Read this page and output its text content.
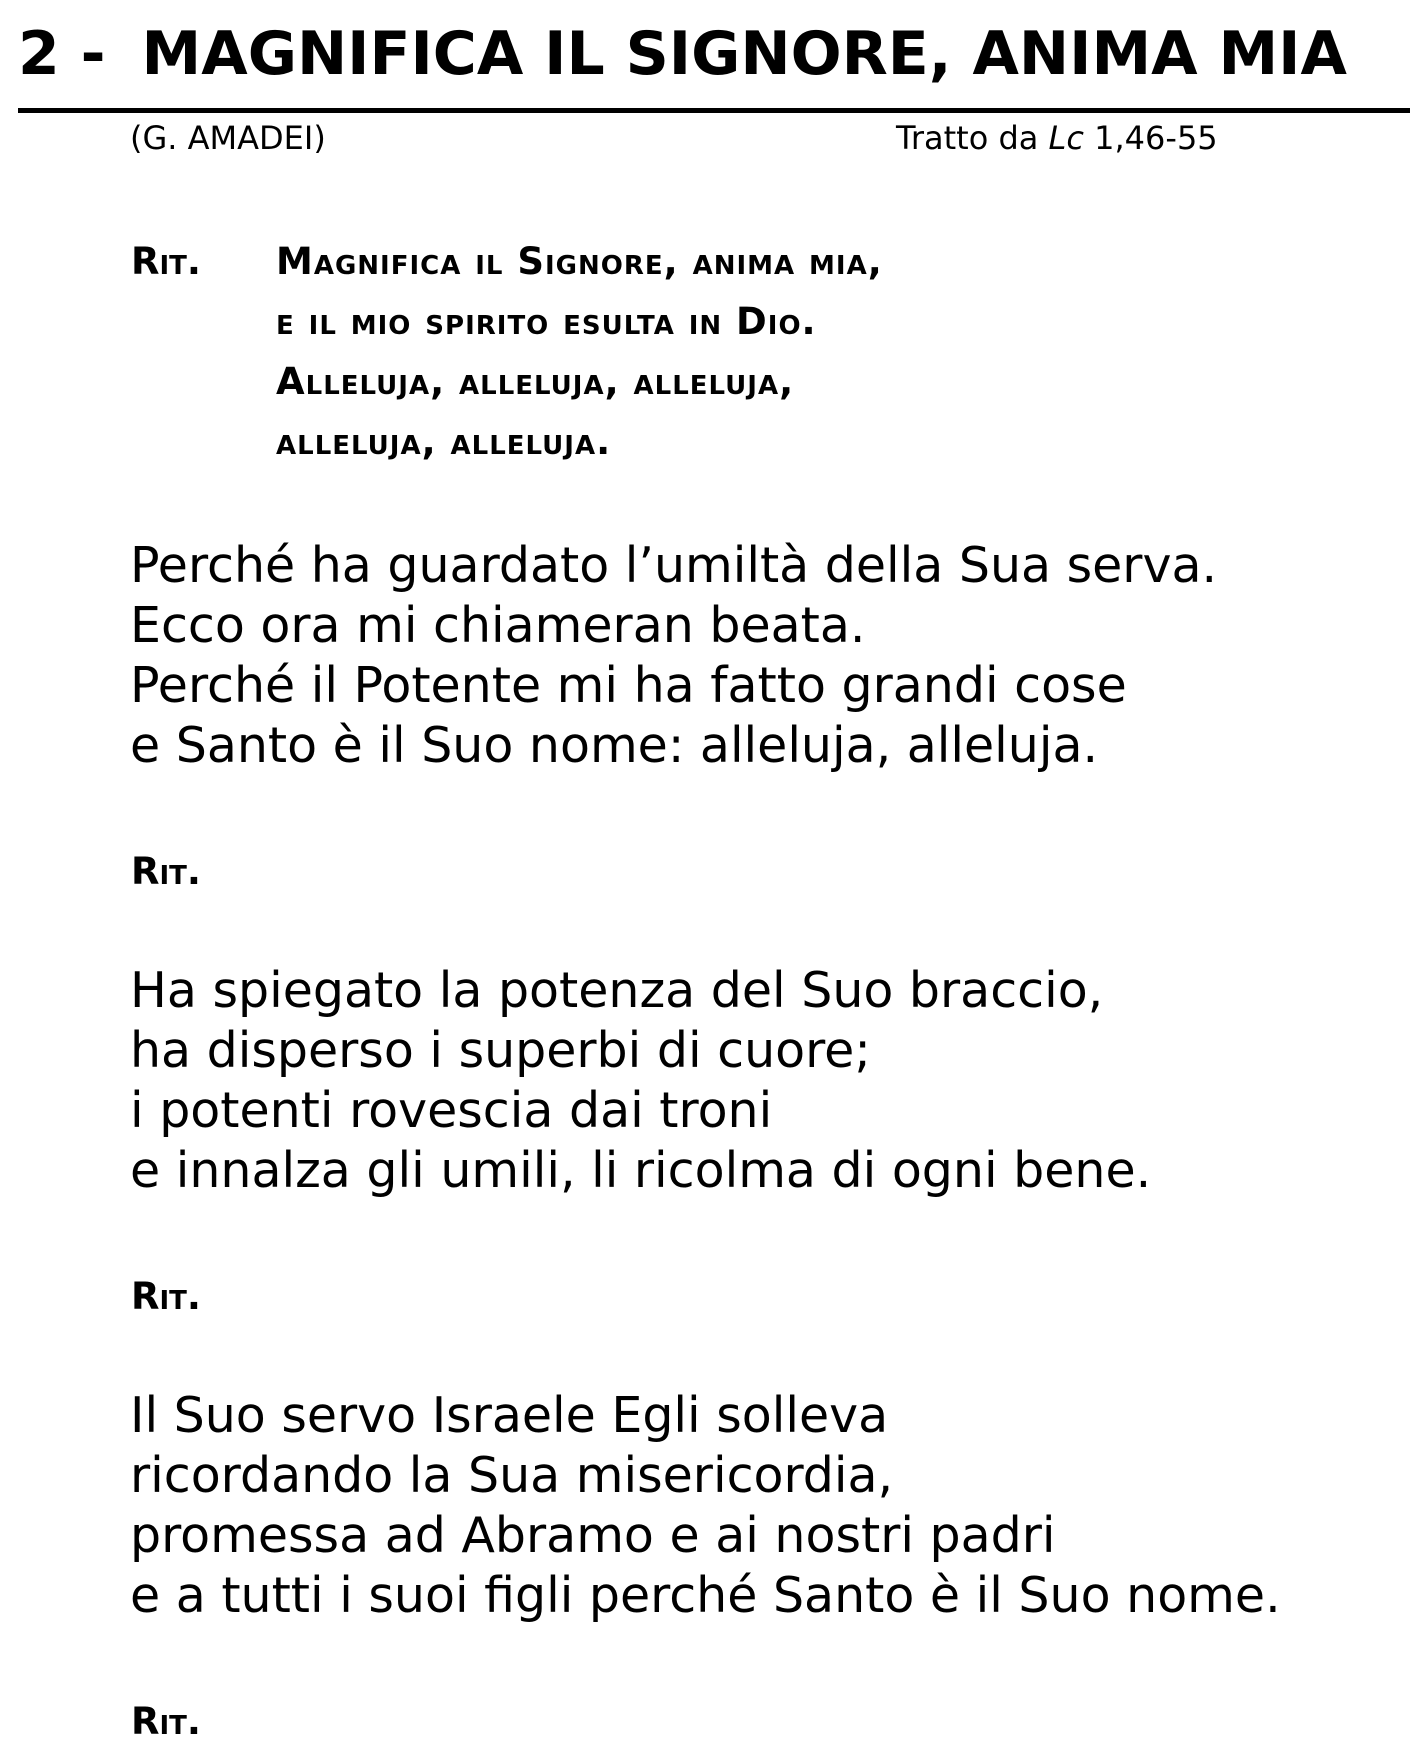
2 - MAGNIFICA IL SIGNORE, ANIMA MIA
(G. AMADEI)	Tratto da Lc 1,46-55
Rit. Magnifica il Signore, anima mia,
e il mio spirito esulta in Dio.
Alleluja, alleluja, alleluja,
alleluja, alleluja.
Perché ha guardato l’umiltà della Sua serva.
Ecco ora mi chiameran beata.
Perché il Potente mi ha fatto grandi cose
e Santo è il Suo nome: alleluja, alleluja.
Rit.
Ha spiegato la potenza del Suo braccio,
ha disperso i superbi di cuore;
i potenti rovescia dai troni
e innalza gli umili, li ricolma di ogni bene.
Rit.
Il Suo servo Israele Egli solleva
ricordando la Sua misericordia,
promessa ad Abramo e ai nostri padri
e a tutti i suoi figli perché Santo è il Suo nome.
Rit.
